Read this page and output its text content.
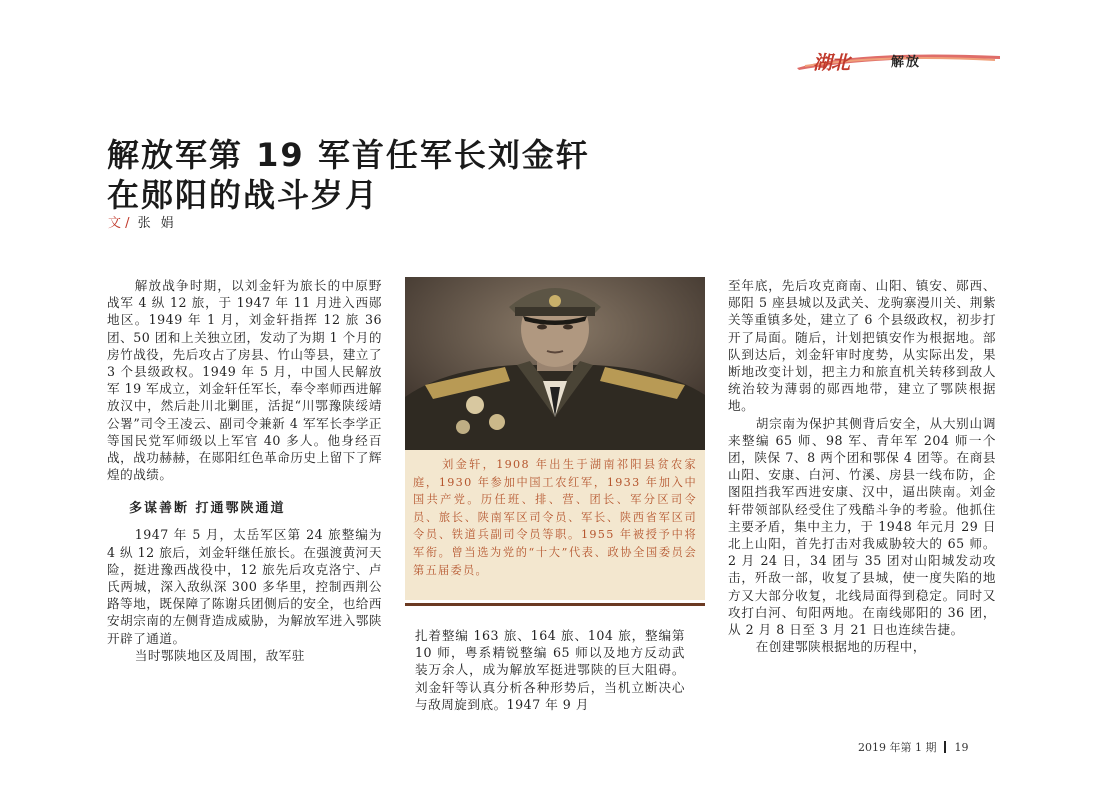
湖北	解放
解放军第 19 军首任军长刘金轩
在郧阳的战斗岁月
文 / 张娟

解放战争时期，以刘金轩为旅长的中原野战军 4 纵 12 旅，于 1947 年 11 月进入西郧地区。1949 年 1 月，刘金轩指挥 12 旅 36 团、50 团和上关独立团，发动了为期 1 个月的房竹战役，先后攻占了房县、竹山等县，建立了 3 个县级政权。1949 年 5 月，中国人民解放军 19 军成立，刘金轩任军长，奉令率师西进解放汉中，然后赴川北剿匪，活捉“川鄂豫陕绥靖公署”司令王凌云、副司令兼新 4 军军长李学正等国民党军师级以上军官 40 多人。他身经百战，战功赫赫，在郧阳红色革命历史上留下了辉煌的战绩。

多谋善断 打通鄂陕通道

1947 年 5 月，太岳军区第 24 旅整编为 4 纵 12 旅后，刘金轩继任旅长。在强渡黄河天险，挺进豫西战役中，12 旅先后攻克洛宁、卢氏两城，深入敌纵深 300 多华里，控制西荆公路等地，既保障了陈谢兵团侧后的安全，也给西安胡宗南的左侧背造成威胁，为解放军进入鄂陕开辟了通道。

当时鄂陕地区及周围，敌军驻

刘金轩，1908 年出生于湖南祁阳县贫农家庭，1930 年参加中国工农红军，1933 年加入中国共产党。历任班、排、营、团长、军分区司令员、旅长、陕南军区司令员、军长、陕西省军区司令员、铁道兵副司令员等职。1955 年被授予中将军衔。曾当选为党的“十大”代表、政协全国委员会第五届委员。

扎着整编 163 旅、164 旅、104 旅，整编第 10 师，粤系精锐整编 65 师以及地方反动武装万余人，成为解放军挺进鄂陕的巨大阻碍。刘金轩等认真分析各种形势后，当机立断决心与敌周旋到底。1947 年 9 月

至年底，先后攻克商南、山阳、镇安、郧西、郧阳 5 座县城以及武关、龙驹寨漫川关、荆紫关等重镇多处，建立了 6 个县级政权，初步打开了局面。随后，计划把镇安作为根据地。部队到达后，刘金轩审时度势，从实际出发，果断地改变计划，把主力和旅直机关转移到敌人统治较为薄弱的郧西地带，建立了鄂陕根据地。

胡宗南为保护其侧背后安全，从大别山调来整编 65 师、98 军、青年军 204 师一个团，陕保 7、8 两个团和鄂保 4 团等。在商县山阳、安康、白河、竹溪、房县一线布防，企图阻挡我军西进安康、汉中，逼出陕南。刘金轩带领部队经受住了残酷斗争的考验。他抓住主要矛盾，集中主力，于 1948 年元月 29 日北上山阳，首先打击对我威胁较大的 65 师。2 月 24 日，34 团与 35 团对山阳城发动攻击，歼敌一部，收复了县城，使一度失陷的地方又大部分收复，北线局面得到稳定。同时又攻打白河、旬阳两地。在南线郧阳的 36 团，从 2 月 8 日至 3 月 21 日也连续告捷。

在创建鄂陕根据地的历程中，

2019 年第 1 期 19
